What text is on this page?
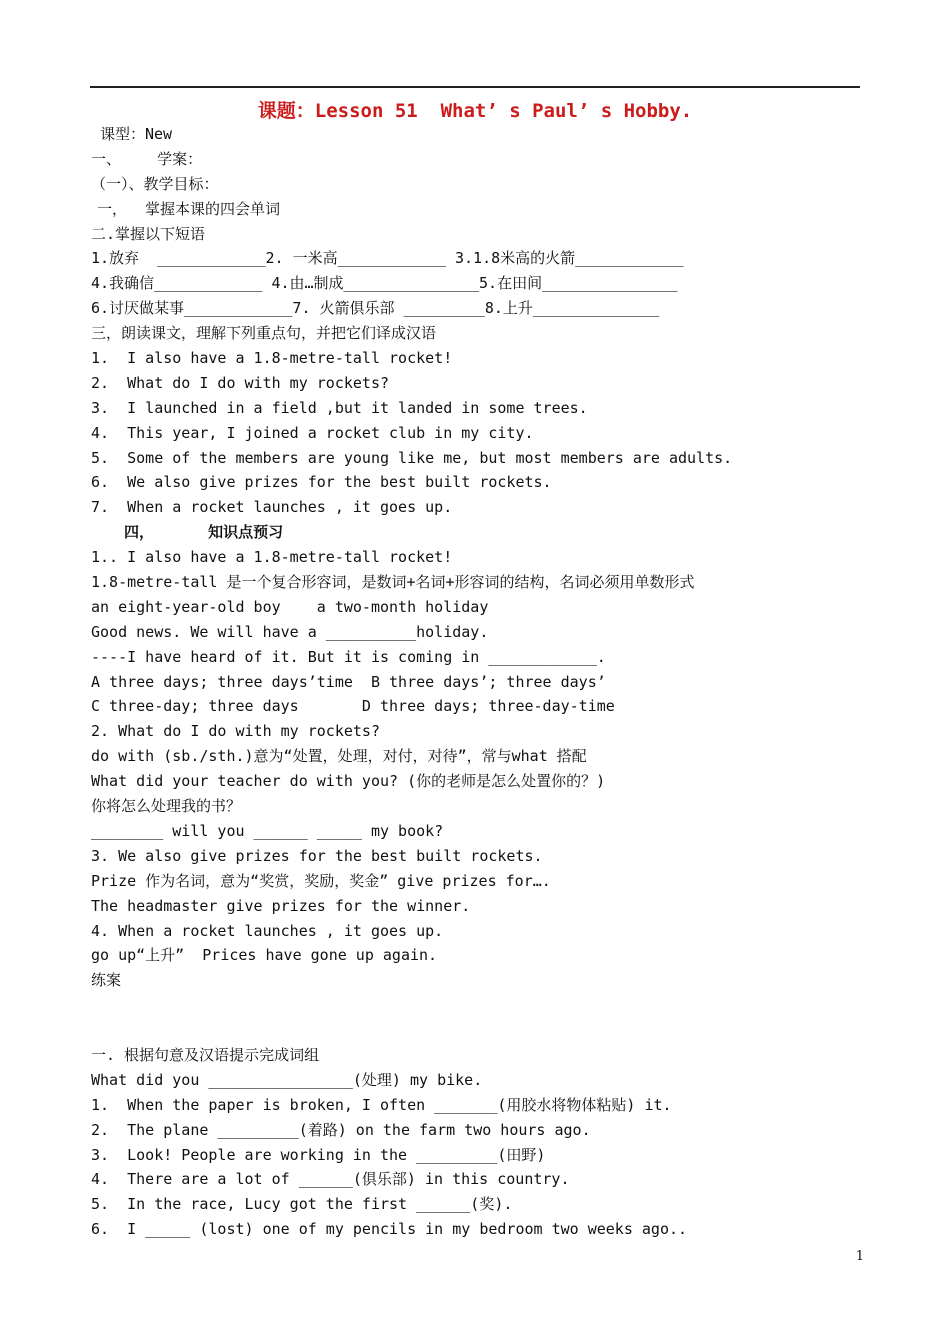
课题：Lesson 51  What’ s Paul’ s Hobby.
课型：New
一、    学案：
（一）、教学目标：
一，  掌握本课的四会单词
二.掌握以下短语
1.放弃  ____________2. 一米高____________ 3.1.8米高的火箭____________
4.我确信____________ 4.由…制成_______________5.在田间_______________
6.讨厌做某事____________7. 火箭俱乐部 _________8.上升______________
三，朗读课文，理解下列重点句，并把它们译成汉语
1.  I also have a 1.8-metre-tall rocket!
2.  What do I do with my rockets?
3.  I launched in a field ,but it landed in some trees.
4.  This year, I joined a rocket club in my city.
5.  Some of the members are young like me, but most members are adults.
6.  We also give prizes for the best built rockets.
7.  When a rocket launches , it goes up.
四，      知识点预习
1.. I also have a 1.8-metre-tall rocket!
1.8-metre-tall 是一个复合形容词，是数词+名词+形容词的结构，名词必须用单数形式
an eight-year-old boy    a two-month holiday
Good news. We will have a __________holiday.
----I have heard of it. But it is coming in ____________.
A three days; three days’time  B three days’; three days’
C three-day; three days       D three days; three-day-time
2. What do I do with my rockets?
do with (sb./sth.)意为“处置，处理，对付，对待”，常与what 搭配
What did your teacher do with you? (你的老师是怎么处置你的？)
你将怎么处理我的书？
________ will you ______ _____ my book?
3. We also give prizes for the best built rockets.
Prize 作为名词，意为“奖赏，奖励，奖金” give prizes for….
The headmaster give prizes for the winner.
4. When a rocket launches , it goes up.
go up“上升”  Prices have gone up again.
练案
一. 根据句意及汉语提示完成词组
What did you ________________(处理) my bike.
1.  When the paper is broken, I often _______(用胶水将物体粘贴) it.
2.  The plane _________(着路) on the farm two hours ago.
3.  Look! People are working in the _________(田野)
4.  There are a lot of ______(俱乐部) in this country.
5.  In the race, Lucy got the first ______(奖).
6.  I _____ (lost) one of my pencils in my bedroom two weeks ago..
1
